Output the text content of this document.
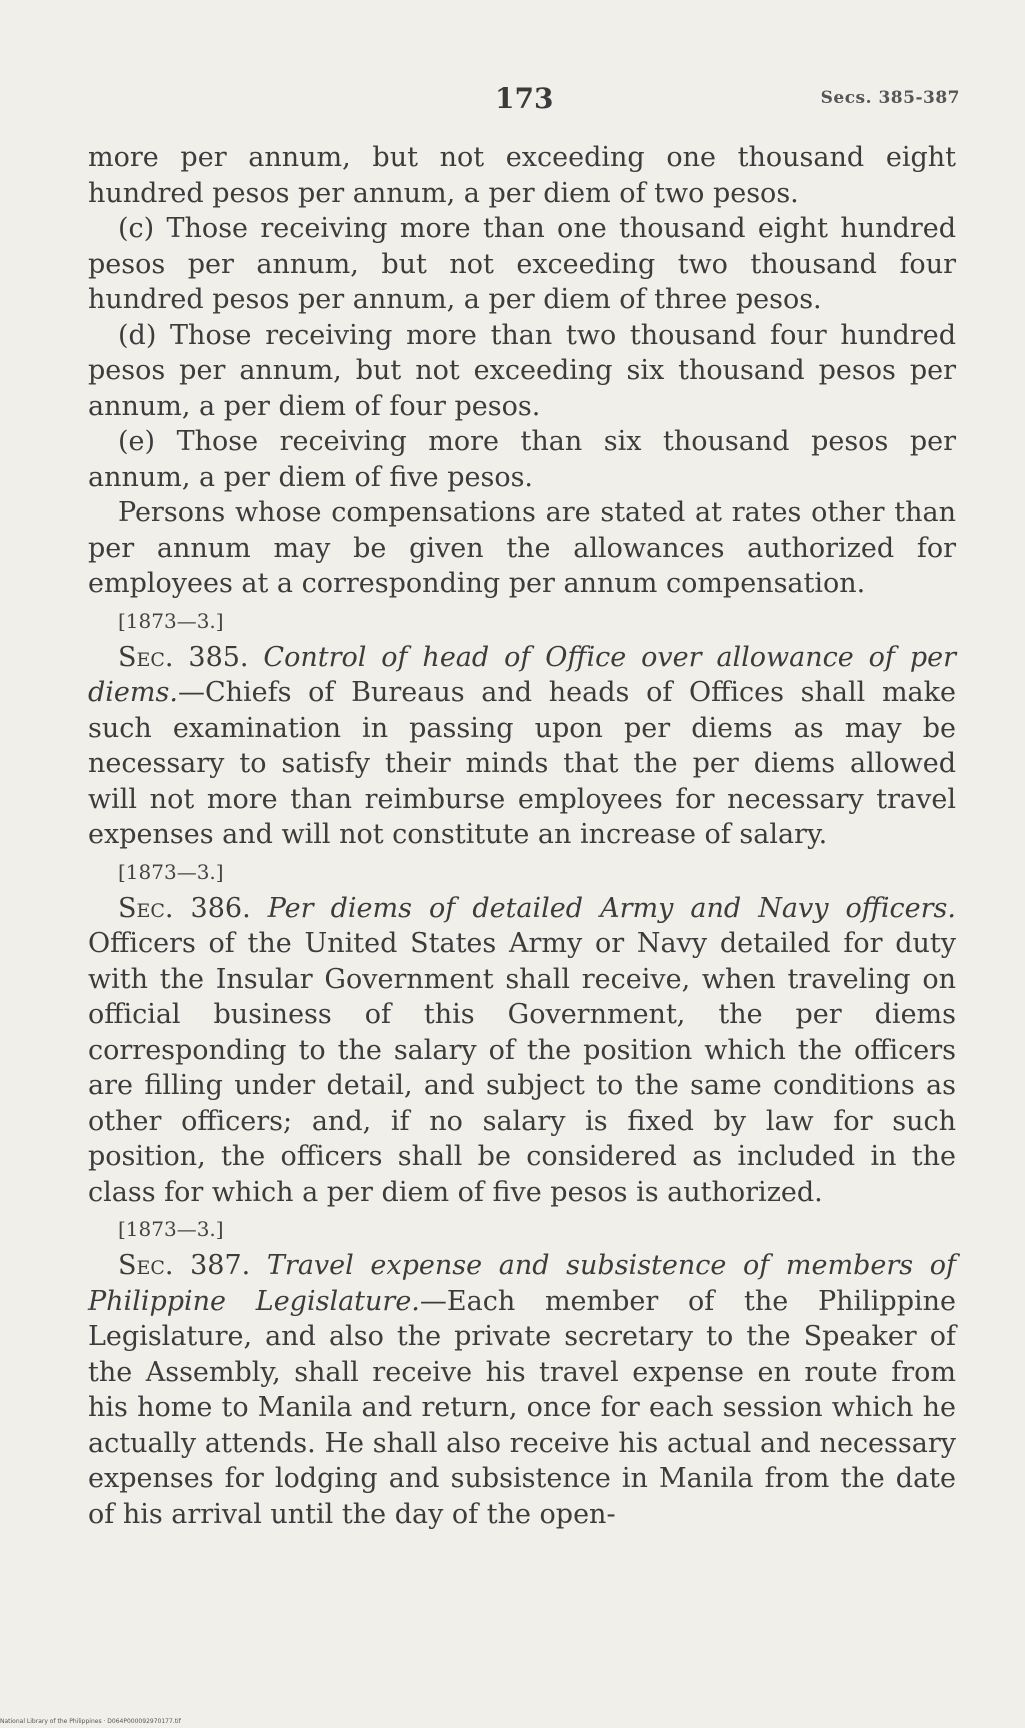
173	Secs. 385-387

more per annum, but not exceeding one thousand eight hundred pesos per annum, a per diem of two pesos.

(c) Those receiving more than one thousand eight hundred pesos per annum, but not exceeding two thousand four hundred pesos per annum, a per diem of three pesos.

(d) Those receiving more than two thousand four hundred pesos per annum, but not exceeding six thousand pesos per annum, a per diem of four pesos.

(e) Those receiving more than six thousand pesos per annum, a per diem of five pesos.

Persons whose compensations are stated at rates other than per annum may be given the allowances authorized for employees at a corresponding per annum compensation.

[1873—3.]

Sec. 385. Control of head of Office over allowance of per diems.—Chiefs of Bureaus and heads of Offices shall make such examination in passing upon per diems as may be necessary to satisfy their minds that the per diems allowed will not more than reimburse employees for necessary travel expenses and will not constitute an increase of salary.

[1873—3.]

Sec. 386. Per diems of detailed Army and Navy officers. Officers of the United States Army or Navy detailed for duty with the Insular Government shall receive, when traveling on official business of this Government, the per diems corresponding to the salary of the position which the officers are filling under detail, and subject to the same conditions as other officers; and, if no salary is fixed by law for such position, the officers shall be considered as included in the class for which a per diem of five pesos is authorized.

[1873—3.]

Sec. 387. Travel expense and subsistence of members of Philippine Legislature.—Each member of the Philippine Legislature, and also the private secretary to the Speaker of the Assembly, shall receive his travel expense en route from his home to Manila and return, once for each session which he actually attends. He shall also receive his actual and necessary expenses for lodging and subsistence in Manila from the date of his arrival until the day of the open-

National Library of the Philippines · D064P000092970177.tif
